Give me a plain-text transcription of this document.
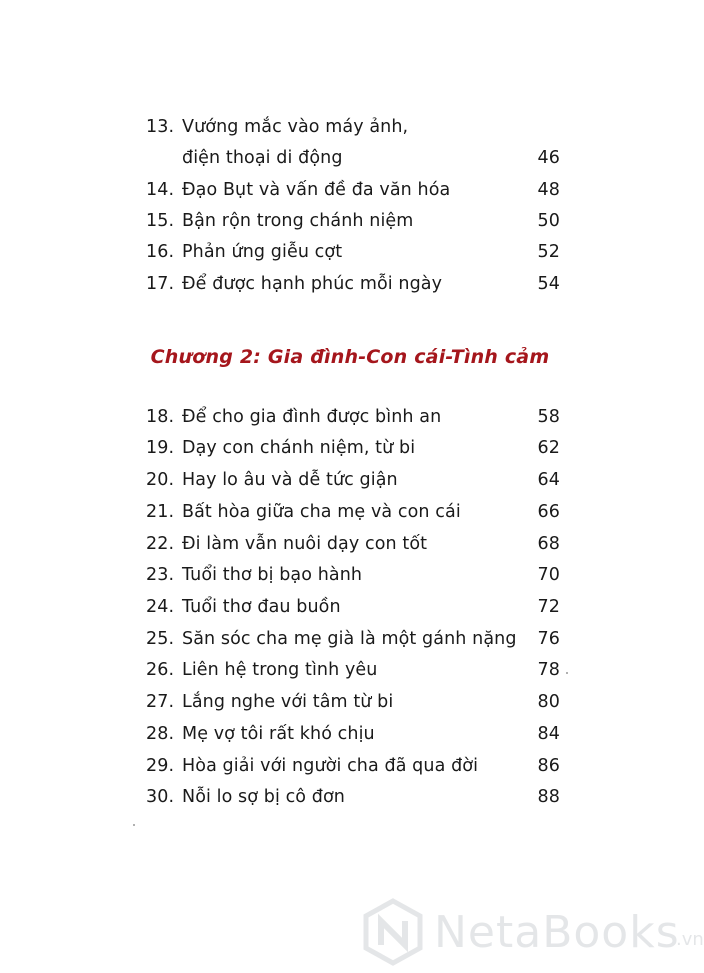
13. Vướng mắc vào máy ảnh,
điện thoại di động	46
14. Đạo Bụt và vấn đề đa văn hóa	48
15. Bận rộn trong chánh niệm	50
16. Phản ứng giễu cợt	52
17. Để được hạnh phúc mỗi ngày	54
Chương 2: Gia đình-Con cái-Tình cảm
18. Để cho gia đình được bình an	58
19. Dạy con chánh niệm, từ bi	62
20. Hay lo âu và dễ tức giận	64
21. Bất hòa giữa cha mẹ và con cái	66
22. Đi làm vẫn nuôi dạy con tốt	68
23. Tuổi thơ bị bạo hành	70
24. Tuổi thơ đau buồn	72
25. Săn sóc cha mẹ già là một gánh nặng 76
26. Liên hệ trong tình yêu	78
27. Lắng nghe với tâm từ bi	80
28. Mẹ vợ tôi rất khó chịu	84
29. Hòa giải với người cha đã qua đời	86
30. Nỗi lo sợ bị cô đơn	88
NetaBooks
.vn
